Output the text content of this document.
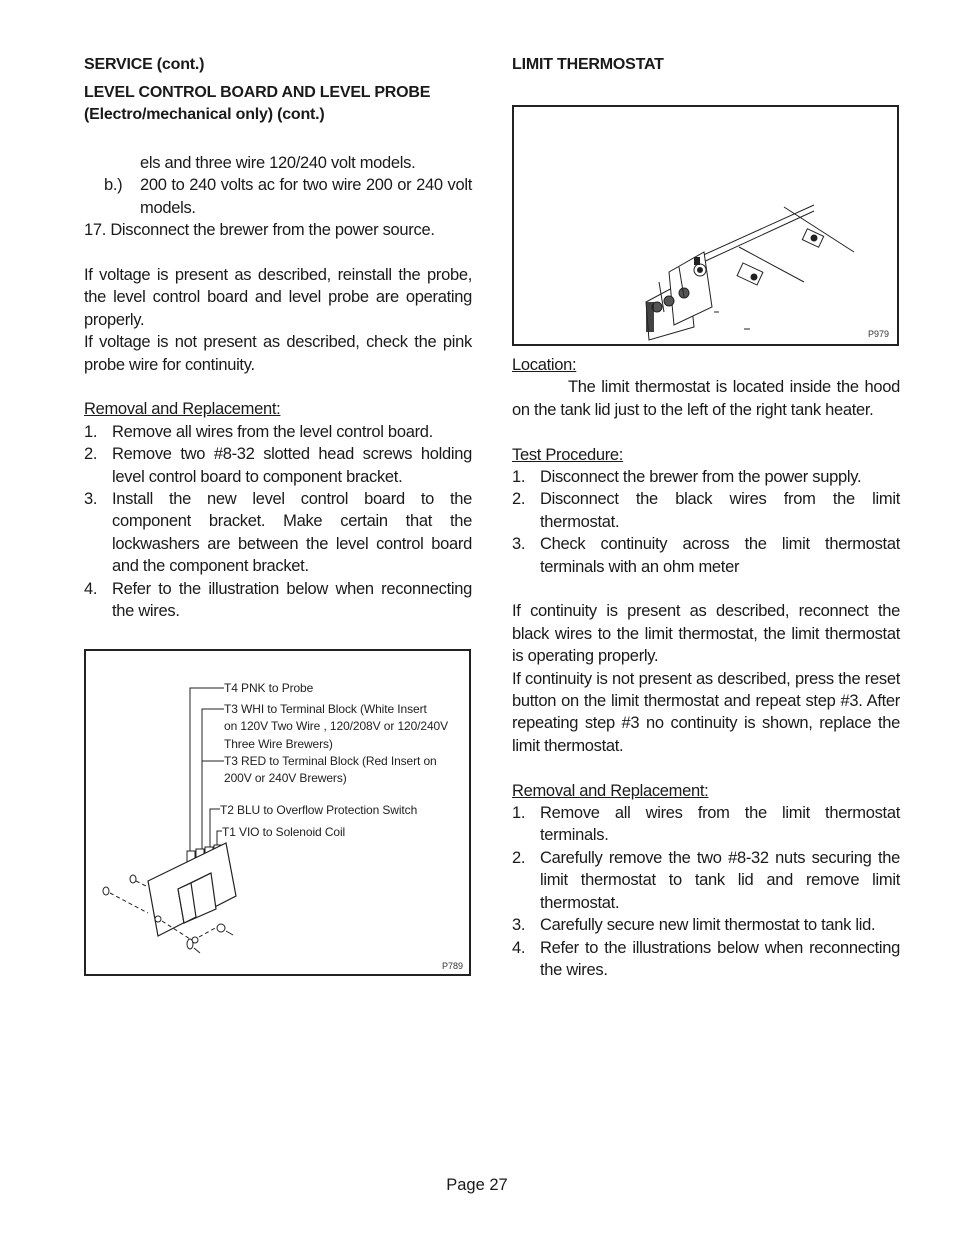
SERVICE (cont.)

LEVEL CONTROL BOARD AND LEVEL PROBE

(Electro/mechanical only) (cont.)

els and three wire 120/240 volt models.

b.)	200 to 240 volts ac for two wire 200 or 240 volt models.

17. Disconnect the brewer from the power source.

If voltage is present as described, reinstall the probe, the level control board and level probe are operating properly.

If voltage is not present as described, check the pink probe wire for continuity.

Removal and Replacement:

1. Remove all wires from the level control board.
2. Remove two #8-32 slotted head screws holding level control board to component bracket.
3. Install the new level control board to the component bracket. Make certain that the lockwashers are between the level control board and the component bracket.
4. Refer to the illustration below when reconnecting the wires.
T4 PNK to Probe
T3 WHI to Terminal Block (White Insert
on 120V Two Wire , 120/208V or 120/240V
Three Wire Brewers)
T3 RED to Terminal Block (Red Insert on
200V or 240V Brewers)
T2 BLU to Overflow Protection Switch
T1 VIO to Solenoid Coil
P789

LIMIT THERMOSTAT

P979

Location:

The limit thermostat is located inside the hood on the tank lid just to the left of the right tank heater.

Test Procedure:

1. Disconnect the brewer from the power supply.
2. Disconnect the black wires from the limit thermostat.
3. Check continuity across the limit thermostat terminals with an ohm meter

If continuity is present as described, reconnect the black wires to the limit thermostat, the limit thermostat is operating properly.

If continuity is not present as described, press the reset button on the limit thermostat and repeat step #3. After repeating step #3 no continuity is shown, replace the limit thermostat.

Removal and Replacement:

1. Remove all wires from the limit thermostat terminals.
2. Carefully remove the two #8-32 nuts securing the limit thermostat to tank lid and remove limit thermostat.
3. Carefully secure new limit thermostat to tank lid.
4. Refer to the illustrations below when reconnecting the wires.
Page 27
